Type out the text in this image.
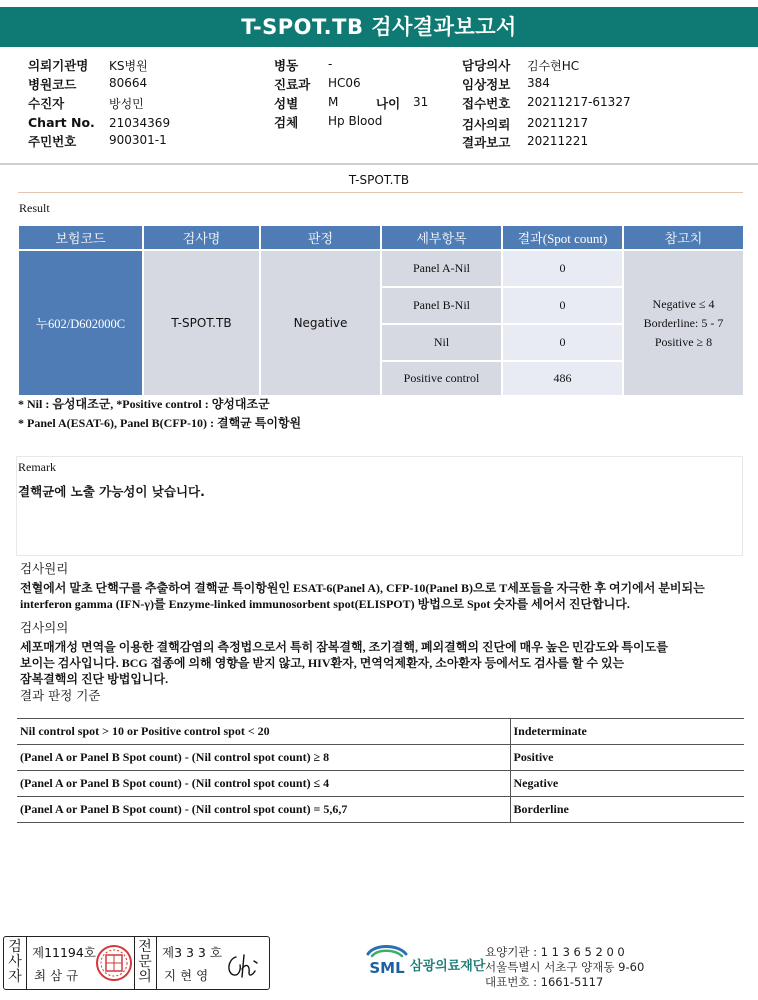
T-SPOT.TB 검사결과보고서
의뢰기관명 KS병원
병원코드	80664
수진자	방성민
Chart No. 21034369
주민번호	900301-1
병동 -
진료과 HC06
성별 M	나이 31
검체 Hp Blood
담당의사 김수현HC
임상정보 384
접수번호 20211217-61327
검사의뢰 20211217
결과보고 20211221
T-SPOT.TB
Result
보험코드	검사명	판정	세부항목	결과(Spot count)	참고치
누602/D602000C	T-SPOT.TB	Negative	Panel A-Nil	0	Negative ≤ 4
Borderline: 5 - 7
Positive ≥ 8

			Panel B-Nil	0	
			Nil	0	
			Positive control	486	
* Nil : 음성대조군, *Positive control : 양성대조군
* Panel A(ESAT-6), Panel B(CFP-10) : 결핵균 특이항원
Remark
결핵균에 노출 가능성이 낮습니다.
검사원리
전혈에서 말초 단핵구를 추출하여 결핵균 특이항원인 ESAT-6(Panel A), CFP-10(Panel B)으로 T세포들을 자극한 후 여기에서 분비되는
interferon gamma (IFN-γ)를 Enzyme-linked immunosorbent spot(ELISPOT) 방법으로 Spot 숫자를 세어서 진단합니다.
검사의의
세포매개성 면역을 이용한 결핵감염의 측정법으로서 특히 잠복결핵, 조기결핵, 폐외결핵의 진단에 매우 높은 민감도와 특이도를
보이는 검사입니다. BCG 접종에 의해 영향을 받지 않고, HIV환자, 면역억제환자, 소아환자 등에서도 검사를 할 수 있는
잠복결핵의 진단 방법입니다.
결과 판정 기준
Nil control spot > 10 or Positive control spot < 20	Indeterminate
(Panel A or Panel B Spot count) - (Nil control spot count) ≥ 8	Positive
(Panel A or Panel B Spot count) - (Nil control spot count) ≤ 4	Negative
(Panel A or Panel B Spot count) - (Nil control spot count) = 5,6,7	Borderline
검사자
제11194호
최 삼 규
전문의
제3 3 3 호
지 현 영	SML 삼광의료재단
요양기관 : 1 1 3 6 5 2 0 0
서울특별시 서초구 양재동 9-60
대표번호 : 1661-5117
